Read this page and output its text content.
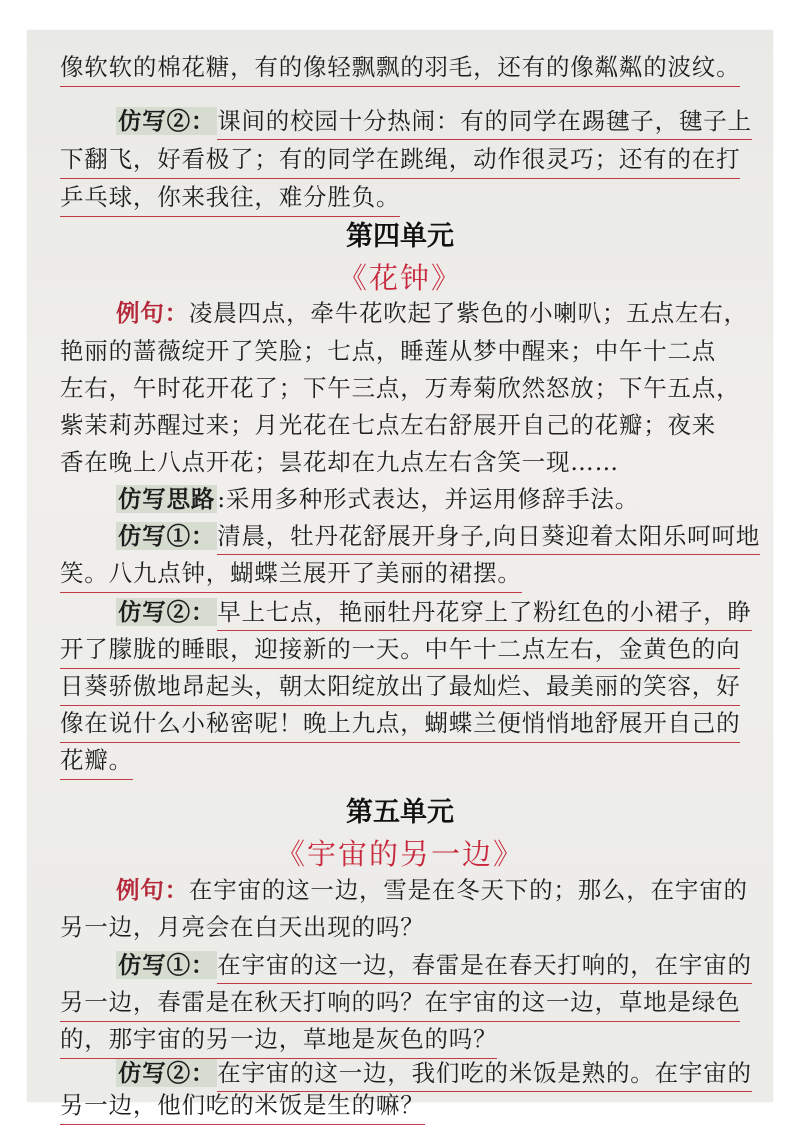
像软软的棉花糖，有的像轻飘飘的羽毛，还有的像粼粼的波纹。
仿写②：课间的校园十分热闹：有的同学在踢毽子，毽子上
下翻飞，好看极了；有的同学在跳绳，动作很灵巧；还有的在打
乒乓球，你来我往，难分胜负。
第四单元
《花钟》
例句：凌晨四点，牵牛花吹起了紫色的小喇叭；五点左右，
艳丽的蔷薇绽开了笑脸；七点，睡莲从梦中醒来；中午十二点
左右，午时花开花了；下午三点，万寿菊欣然怒放；下午五点，
紫茉莉苏醒过来；月光花在七点左右舒展开自己的花瓣；夜来
香在晚上八点开花；昙花却在九点左右含笑一现……
仿写思路:采用多种形式表达，并运用修辞手法。
仿写①：清晨，牡丹花舒展开身子,向日葵迎着太阳乐呵呵地
笑。八九点钟，蝴蝶兰展开了美丽的裙摆。
仿写②：早上七点，艳丽牡丹花穿上了粉红色的小裙子，睁
开了朦胧的睡眼，迎接新的一天。中午十二点左右，金黄色的向
日葵骄傲地昂起头，朝太阳绽放出了最灿烂、最美丽的笑容，好
像在说什么小秘密呢！晚上九点，蝴蝶兰便悄悄地舒展开自己的
花瓣。
第五单元
《宇宙的另一边》
例句：在宇宙的这一边，雪是在冬天下的；那么，在宇宙的
另一边，月亮会在白天出现的吗？
仿写①：在宇宙的这一边，春雷是在春天打响的，在宇宙的
另一边，春雷是在秋天打响的吗？在宇宙的这一边，草地是绿色
的，那宇宙的另一边，草地是灰色的吗？
仿写②：在宇宙的这一边，我们吃的米饭是熟的。在宇宙的
另一边，他们吃的米饭是生的嘛？
